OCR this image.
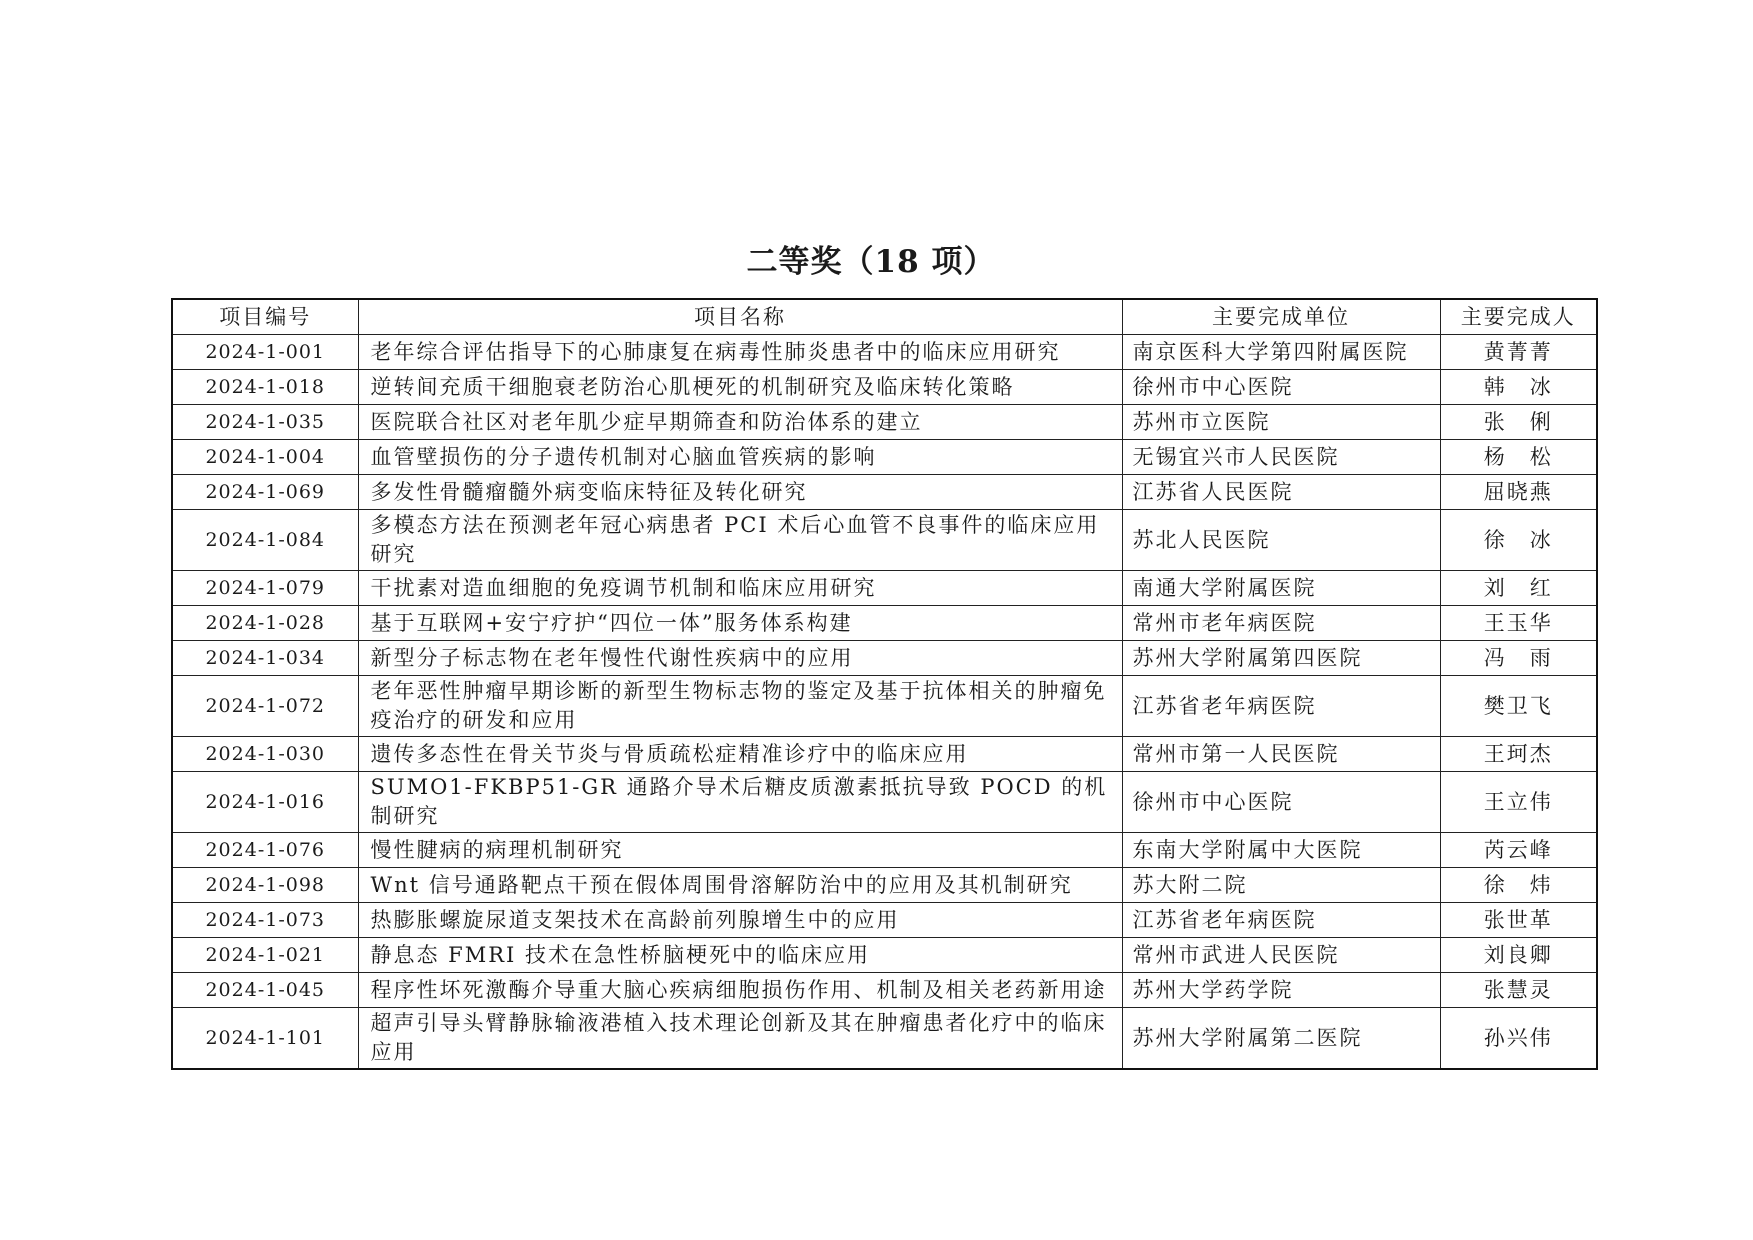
二等奖（18 项）
项目编号	项目名称	主要完成单位	主要完成人
2024-1-001	老年综合评估指导下的心肺康复在病毒性肺炎患者中的临床应用研究	南京医科大学第四附属医院	黄菁菁
2024-1-018	逆转间充质干细胞衰老防治心肌梗死的机制研究及临床转化策略	徐州市中心医院	韩　冰
2024-1-035	医院联合社区对老年肌少症早期筛查和防治体系的建立	苏州市立医院	张　俐
2024-1-004	血管壁损伤的分子遗传机制对心脑血管疾病的影响	无锡宜兴市人民医院	杨　松
2024-1-069	多发性骨髓瘤髓外病变临床特征及转化研究	江苏省人民医院	屈晓燕
2024-1-084	多模态方法在预测老年冠心病患者 PCI 术后心血管不良事件的临床应用研究	苏北人民医院	徐　冰
2024-1-079	干扰素对造血细胞的免疫调节机制和临床应用研究	南通大学附属医院	刘　红
2024-1-028	基于互联网+安宁疗护“四位一体”服务体系构建	常州市老年病医院	王玉华
2024-1-034	新型分子标志物在老年慢性代谢性疾病中的应用	苏州大学附属第四医院	冯　雨
2024-1-072	老年恶性肿瘤早期诊断的新型生物标志物的鉴定及基于抗体相关的肿瘤免疫治疗的研发和应用	江苏省老年病医院	樊卫飞
2024-1-030	遗传多态性在骨关节炎与骨质疏松症精准诊疗中的临床应用	常州市第一人民医院	王珂杰
2024-1-016	SUMO1-FKBP51-GR 通路介导术后糖皮质激素抵抗导致 POCD 的机制研究	徐州市中心医院	王立伟
2024-1-076	慢性腱病的病理机制研究	东南大学附属中大医院	芮云峰
2024-1-098	Wnt 信号通路靶点干预在假体周围骨溶解防治中的应用及其机制研究	苏大附二院	徐　炜
2024-1-073	热膨胀螺旋尿道支架技术在高龄前列腺增生中的应用	江苏省老年病医院	张世革
2024-1-021	静息态 FMRI 技术在急性桥脑梗死中的临床应用	常州市武进人民医院	刘良卿
2024-1-045	程序性坏死激酶介导重大脑心疾病细胞损伤作用、机制及相关老药新用途	苏州大学药学院	张慧灵
2024-1-101	超声引导头臂静脉输液港植入技术理论创新及其在肿瘤患者化疗中的临床应用	苏州大学附属第二医院	孙兴伟
